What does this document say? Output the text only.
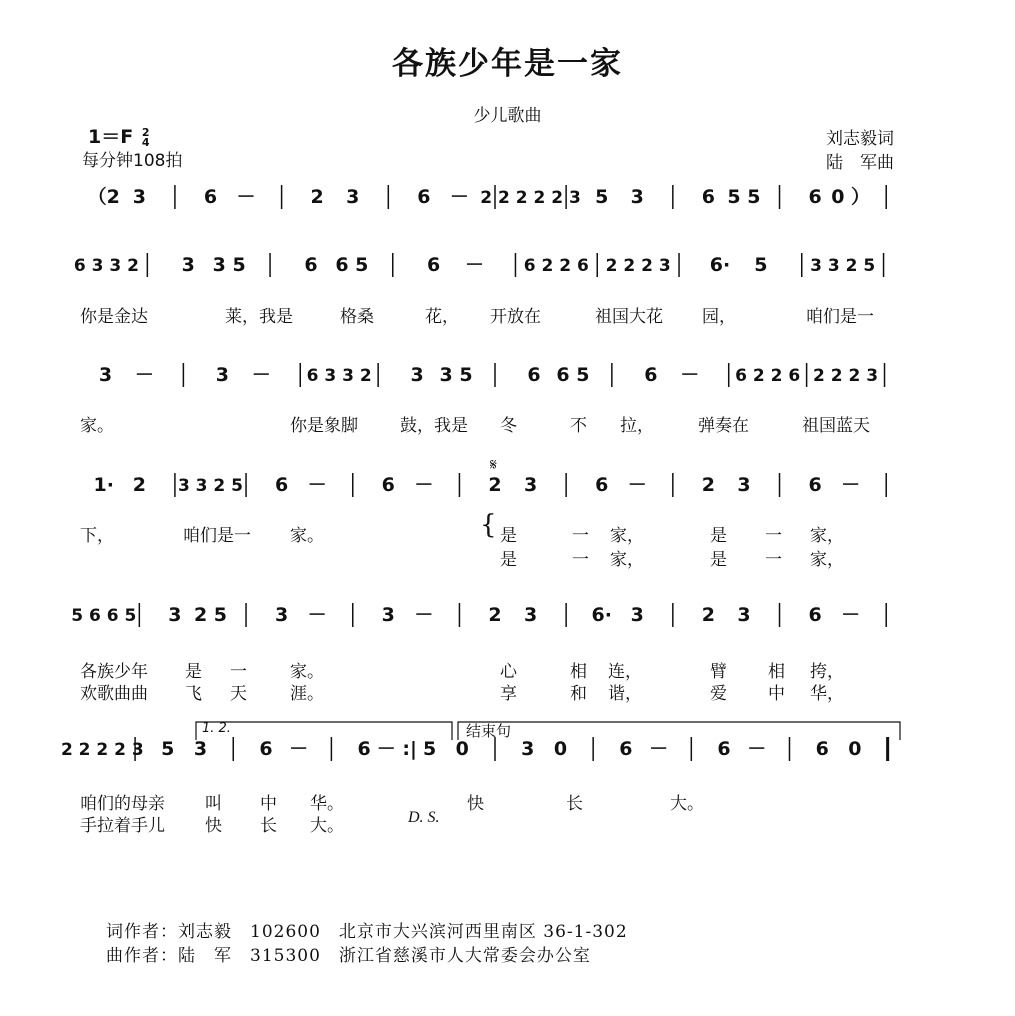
各族少年是一家
少儿歌曲
1＝F 2
4
每分钟108拍
刘志毅词
陆　军曲
（2 3	6 －	2 3	6 － 2 2 2 2 2 3 5 3	6 5 5	6 0 ）
6 3 3 2 3 3 5	6 6 5	6 － 6 2 2 6 2 2 2 3 6· 5	3 3 2 5
3 －	3 － 6 3 3 2 3 3 5	6 6 5	6 － 6 2 2 6 2 2 2 3
1· 2 3 3 2 5 6 －	6 －	2 3	6 －	2 3	6 －
5 6 6 5 3 2 5	3 －	3 －	2 3	6· 3	2 3	6 －
2 2 2 2 3 5 3	6 －	6 － :| 5 0	3 0	6 －	6 －	6 0
你是金达	莱，我是	格桑	花， 开放在	祖国大花 园，	咱们是一
家。	你是象脚 鼓，我是 冬	不 拉，	弹奏在	祖国蓝天
下，	咱们是一 家。	{ 是	一 家，	是 一 家，
是	一 家，	是 一 家，
各族少年 是 一	家。	心	相 连，	臂 相 挎，
欢歌曲曲 飞 天	涯。	享	和 谐，	爱 中 华，
咱们的母亲 叫 中 华。	快	长	大。
手拉着手儿 快 长 大。	D. S.
𝄋
1. 2.	结束句
词作者：刘志毅　102600　北京市大兴滨河西里南区 36-1-302
曲作者：陆　军　315300　浙江省慈溪市人大常委会办公室
